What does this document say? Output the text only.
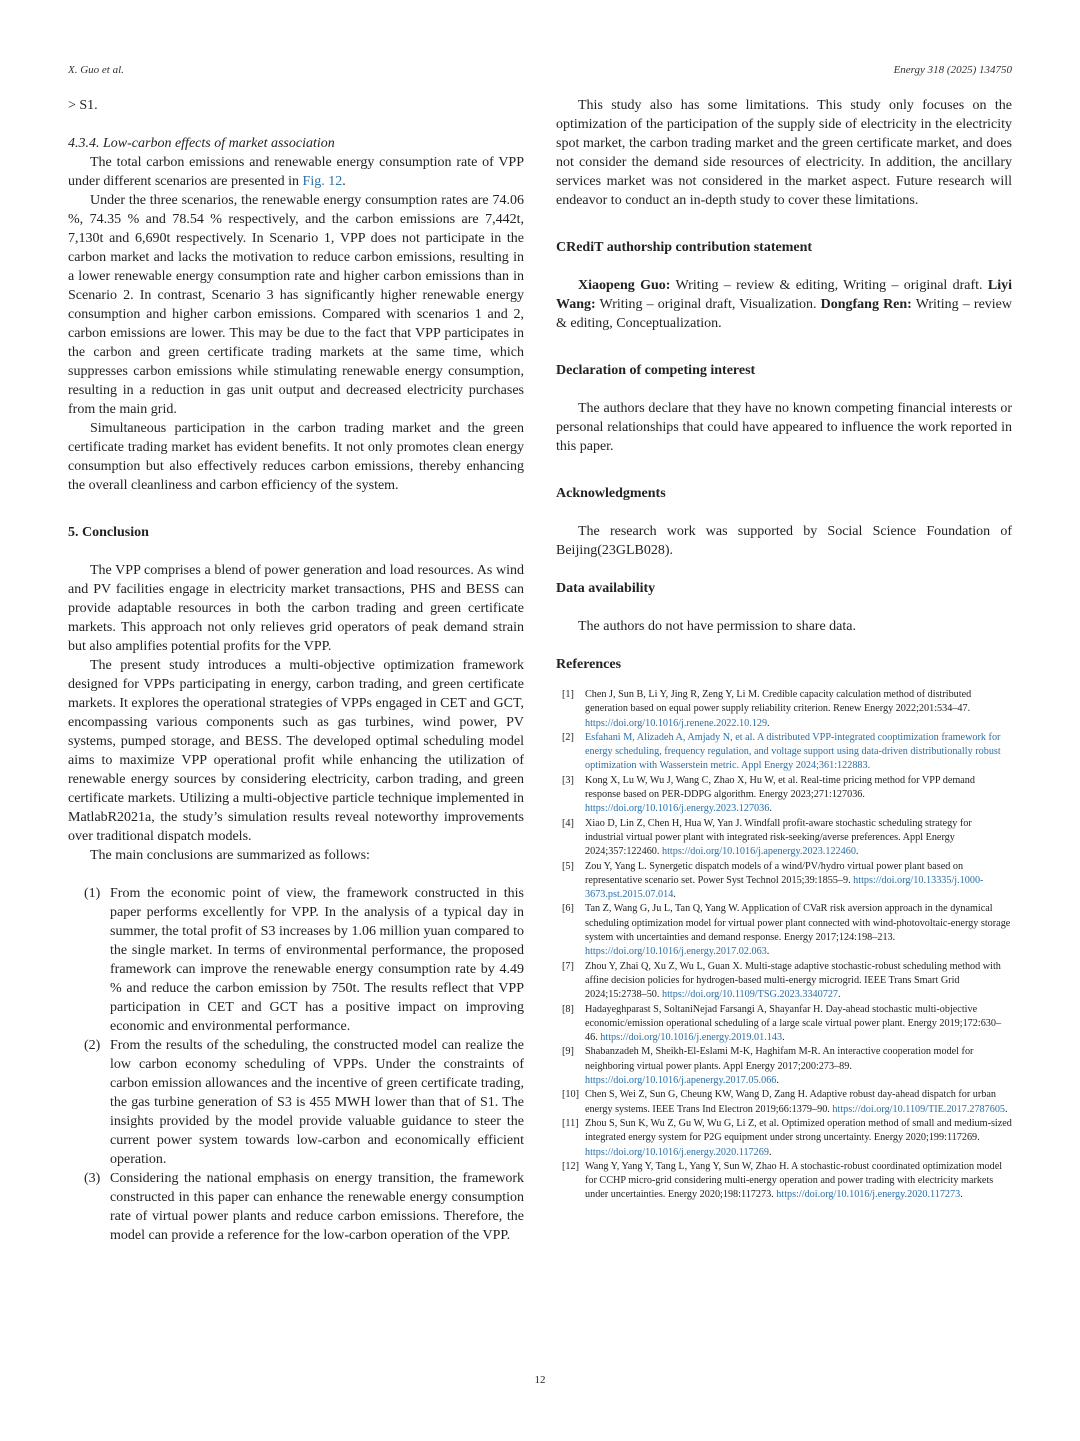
X. Guo et al.	Energy 318 (2025) 134750

> S1.

4.3.4. Low-carbon effects of market association

The total carbon emissions and renewable energy consumption rate of VPP under different scenarios are presented in Fig. 12.

Under the three scenarios, the renewable energy consumption rates are 74.06 %, 74.35 % and 78.54 % respectively, and the carbon emissions are 7,442t, 7,130t and 6,690t respectively. In Scenario 1, VPP does not participate in the carbon market and lacks the motivation to reduce carbon emissions, resulting in a lower renewable energy consumption rate and higher carbon emissions than in Scenario 2. In contrast, Scenario 3 has significantly higher renewable energy consumption and higher carbon emissions. Compared with scenarios 1 and 2, carbon emissions are lower. This may be due to the fact that VPP participates in the carbon and green certificate trading markets at the same time, which suppresses carbon emissions while stimulating renewable energy consumption, resulting in a reduction in gas unit output and decreased electricity purchases from the main grid.

Simultaneous participation in the carbon trading market and the green certificate trading market has evident benefits. It not only promotes clean energy consumption but also effectively reduces carbon emissions, thereby enhancing the overall cleanliness and carbon efficiency of the system.

5. Conclusion

The VPP comprises a blend of power generation and load resources. As wind and PV facilities engage in electricity market transactions, PHS and BESS can provide adaptable resources in both the carbon trading and green certificate markets. This approach not only relieves grid operators of peak demand strain but also amplifies potential profits for the VPP.

The present study introduces a multi-objective optimization framework designed for VPPs participating in energy, carbon trading, and green certificate markets. It explores the operational strategies of VPPs engaged in CET and GCT, encompassing various components such as gas turbines, wind power, PV systems, pumped storage, and BESS. The developed optimal scheduling model aims to maximize VPP operational profit while enhancing the utilization of renewable energy sources by considering electricity, carbon trading, and green certificate markets. Utilizing a multi-objective particle technique implemented in MatlabR2021a, the study’s simulation results reveal noteworthy improvements over traditional dispatch models.

The main conclusions are summarized as follows:

(1) From the economic point of view, the framework constructed in this paper performs excellently for VPP. In the analysis of a typical day in summer, the total profit of S3 increases by 1.06 million yuan compared to the single market. In terms of environmental performance, the proposed framework can improve the renewable energy consumption rate by 4.49 % and reduce the carbon emission by 750t. The results reflect that VPP participation in CET and GCT has a positive impact on improving economic and environmental performance.
(2) From the results of the scheduling, the constructed model can realize the low carbon economy scheduling of VPPs. Under the constraints of carbon emission allowances and the incentive of green certificate trading, the gas turbine generation of S3 is 455 MWH lower than that of S1. The insights provided by the model provide valuable guidance to steer the current power system towards low-carbon and economically efficient operation.
(3) Considering the national emphasis on energy transition, the framework constructed in this paper can enhance the renewable energy consumption rate of virtual power plants and reduce carbon emissions. Therefore, the model can provide a reference for the low-carbon operation of the VPP.

This study also has some limitations. This study only focuses on the optimization of the participation of the supply side of electricity in the electricity spot market, the carbon trading market and the green certificate market, and does not consider the demand side resources of electricity. In addition, the ancillary services market was not considered in the market aspect. Future research will endeavor to conduct an in-depth study to cover these limitations.

CRediT authorship contribution statement

Xiaopeng Guo: Writing – review & editing, Writing – original draft. Liyi Wang: Writing – original draft, Visualization. Dongfang Ren: Writing – review & editing, Conceptualization.

Declaration of competing interest

The authors declare that they have no known competing financial interests or personal relationships that could have appeared to influence the work reported in this paper.

Acknowledgments

The research work was supported by Social Science Foundation of Beijing(23GLB028).

Data availability

The authors do not have permission to share data.

References
[1] Chen J, Sun B, Li Y, Jing R, Zeng Y, Li M. Credible capacity calculation method of distributed generation based on equal power supply reliability criterion. Renew Energy 2022;201:534–47. https://doi.org/10.1016/j.renene.2022.10.129.
[2] Esfahani M, Alizadeh A, Amjady N, et al. A distributed VPP-integrated cooptimization framework for energy scheduling, frequency regulation, and voltage support using data-driven distributionally robust optimization with Wasserstein metric. Appl Energy 2024;361:122883.
[3] Kong X, Lu W, Wu J, Wang C, Zhao X, Hu W, et al. Real-time pricing method for VPP demand response based on PER-DDPG algorithm. Energy 2023;271:127036. https://doi.org/10.1016/j.energy.2023.127036.
[4] Xiao D, Lin Z, Chen H, Hua W, Yan J. Windfall profit-aware stochastic scheduling strategy for industrial virtual power plant with integrated risk-seeking/averse preferences. Appl Energy 2024;357:122460. https://doi.org/10.1016/j.apenergy.2023.122460.
[5] Zou Y, Yang L. Synergetic dispatch models of a wind/PV/hydro virtual power plant based on representative scenario set. Power Syst Technol 2015;39:1855–9. https://doi.org/10.13335/j.1000-3673.pst.2015.07.014.
[6] Tan Z, Wang G, Ju L, Tan Q, Yang W. Application of CVaR risk aversion approach in the dynamical scheduling optimization model for virtual power plant connected with wind-photovoltaic-energy storage system with uncertainties and demand response. Energy 2017;124:198–213. https://doi.org/10.1016/j.energy.2017.02.063.
[7] Zhou Y, Zhai Q, Xu Z, Wu L, Guan X. Multi-stage adaptive stochastic-robust scheduling method with affine decision policies for hydrogen-based multi-energy microgrid. IEEE Trans Smart Grid 2024;15:2738–50. https://doi.org/10.1109/TSG.2023.3340727.
[8] Hadayeghparast S, SoltaniNejad Farsangi A, Shayanfar H. Day-ahead stochastic multi-objective economic/emission operational scheduling of a large scale virtual power plant. Energy 2019;172:630–46. https://doi.org/10.1016/j.energy.2019.01.143.
[9] Shabanzadeh M, Sheikh-El-Eslami M-K, Haghifam M-R. An interactive cooperation model for neighboring virtual power plants. Appl Energy 2017;200:273–89. https://doi.org/10.1016/j.apenergy.2017.05.066.
[10] Chen S, Wei Z, Sun G, Cheung KW, Wang D, Zang H. Adaptive robust day-ahead dispatch for urban energy systems. IEEE Trans Ind Electron 2019;66:1379–90. https://doi.org/10.1109/TIE.2017.2787605.
[11] Zhou S, Sun K, Wu Z, Gu W, Wu G, Li Z, et al. Optimized operation method of small and medium-sized integrated energy system for P2G equipment under strong uncertainty. Energy 2020;199:117269. https://doi.org/10.1016/j.energy.2020.117269.
[12] Wang Y, Yang Y, Tang L, Yang Y, Sun W, Zhao H. A stochastic-robust coordinated optimization model for CCHP micro-grid considering multi-energy operation and power trading with electricity markets under uncertainties. Energy 2020;198:117273. https://doi.org/10.1016/j.energy.2020.117273.
12
